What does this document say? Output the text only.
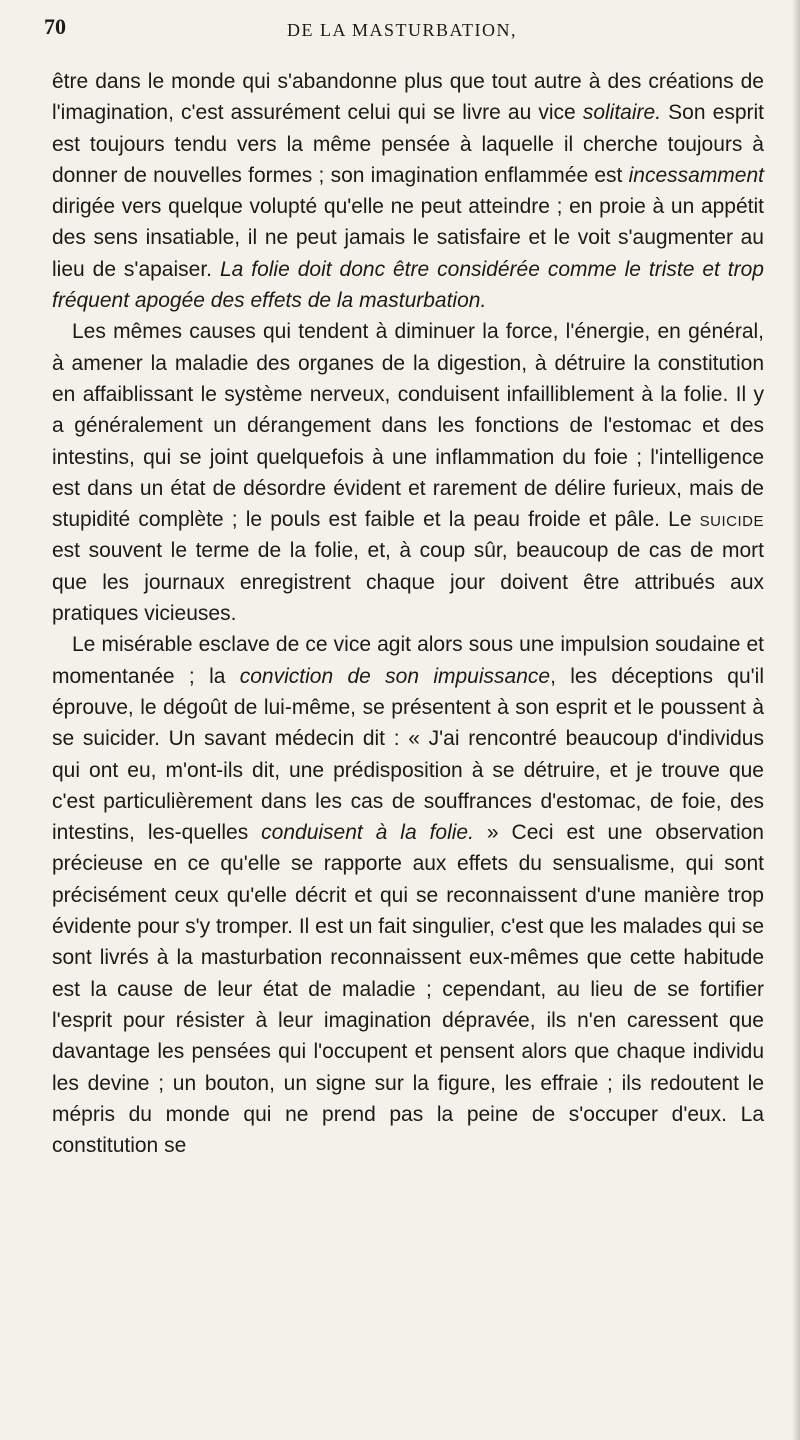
70	DE LA MASTURBATION,

être dans le monde qui s'abandonne plus que tout autre à des créations de l'imagination, c'est assurément celui qui se livre au vice solitaire. Son esprit est toujours tendu vers la même pensée à laquelle il cherche toujours à donner de nouvelles formes ; son imagination enflammée est incessamment dirigée vers quelque volupté qu'elle ne peut atteindre ; en proie à un appétit des sens insatiable, il ne peut jamais le satisfaire et le voit s'augmenter au lieu de s'apaiser. La folie doit donc être considérée comme le triste et trop fréquent apogée des effets de la masturbation.

Les mêmes causes qui tendent à diminuer la force, l'énergie, en général, à amener la maladie des organes de la digestion, à détruire la constitution en affaiblissant le système nerveux, conduisent infailliblement à la folie. Il y a généralement un dérangement dans les fonctions de l'estomac et des intestins, qui se joint quelquefois à une inflammation du foie ; l'intelligence est dans un état de désordre évident et rarement de délire furieux, mais de stupidité complète ; le pouls est faible et la peau froide et pâle. Le suicide est souvent le terme de la folie, et, à coup sûr, beaucoup de cas de mort que les journaux enregistrent chaque jour doivent être attribués aux pratiques vicieuses.

Le misérable esclave de ce vice agit alors sous une impulsion soudaine et momentanée ; la conviction de son impuissance, les déceptions qu'il éprouve, le dégoût de lui-même, se présentent à son esprit et le poussent à se suicider. Un savant médecin dit : « J'ai rencontré beaucoup d'individus qui ont eu, m'ont-ils dit, une prédisposition à se détruire, et je trouve que c'est particulièrement dans les cas de souffrances d'estomac, de foie, des intestins, les-quelles conduisent à la folie. » Ceci est une observation précieuse en ce qu'elle se rapporte aux effets du sensualisme, qui sont précisément ceux qu'elle décrit et qui se reconnaissent d'une manière trop évidente pour s'y tromper. Il est un fait singulier, c'est que les malades qui se sont livrés à la masturbation reconnaissent eux-mêmes que cette habitude est la cause de leur état de maladie ; cependant, au lieu de se fortifier l'esprit pour résister à leur imagination dépravée, ils n'en caressent que davantage les pensées qui l'occupent et pensent alors que chaque individu les devine ; un bouton, un signe sur la figure, les effraie ; ils redoutent le mépris du monde qui ne prend pas la peine de s'occuper d'eux. La constitution se
